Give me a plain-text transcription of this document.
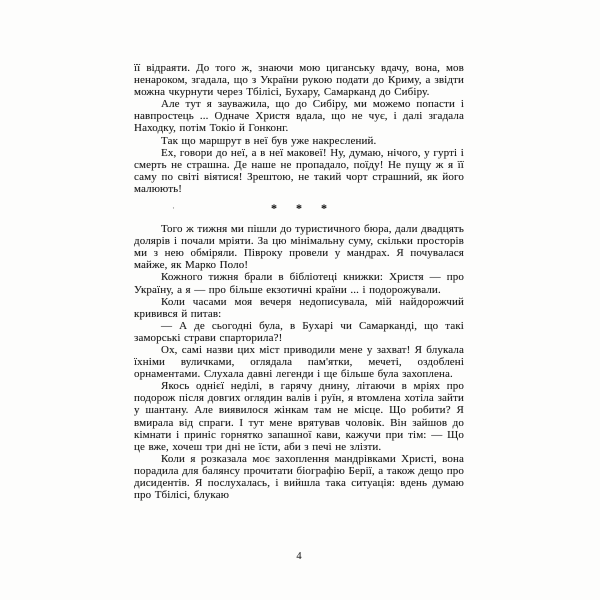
її відраяти. До того ж, знаючи мою циганську вдачу, вона, мов ненароком, згадала, що з України рукою подати до Криму, а звідти можна чкурнути через Тбілісі, Бухару, Самарканд до Сибіру.

Але тут я зауважила, що до Сибіру, ми можемо попасти і навпростець ... Одначе Христя вдала, що не чує, і далі згадала Находку, потім Токіо й Гонконг.

Так що маршрут в неї був уже накреслений.

Ех, говори до неї, а в неї маковеї! Ну, думаю, нічого, у гурті і смерть не страшна. Де наше не пропадало, поїду! Не пущу ж я її саму по світі віятися! Зрештою, не такий чорт страшний, як його малюють!

·	* * *

Того ж тижня ми пішли до туристичного бюра, дали двадцять долярів і почали мріяти. За цю мінімальну суму, скільки просторів ми з нею обміряли. Півроку провели у мандрах. Я почувалася майже, як Марко Поло!

Кожного тижня брали в бібліотеці книжки: Христя — про Україну, а я — про більше екзотичні країни ... і подорожували.

Коли часами моя вечеря недописувала, мій найдорожчий кривився й питав:

— А де сьогодні була, в Бухарі чи Самарканді, що такі заморські страви спарторила?!

Ох, самі назви цих міст приводили мене у захват! Я блукала їхніми вуличками, оглядала пам'ятки, мечеті, оздоблені орнаментами. Слухала давні легенди і ще більше була захоплена.

Якось однієї неділі, в гарячу днину, літаючи в мріях про подорож після довгих оглядин валів і руїн, я втомлена хотіла зайти у шантану. Але виявилося жінкам там не місце. Що робити? Я вмирала від спраги. І тут мене врятував чоловік. Він зайшов до кімнати і приніс горнятко запашної кави, кажучи при тім: — Що це вже, хочеш три дні не їсти, аби з печі не злізти.

Коли я розказала моє захоплення мандрівками Христі, вона порадила для балянсу прочитати біографію Берії, а також дещо про дисидентів. Я послухалась, і вийшла така ситуація: вдень думаю про Тбілісі, блукаю

4
